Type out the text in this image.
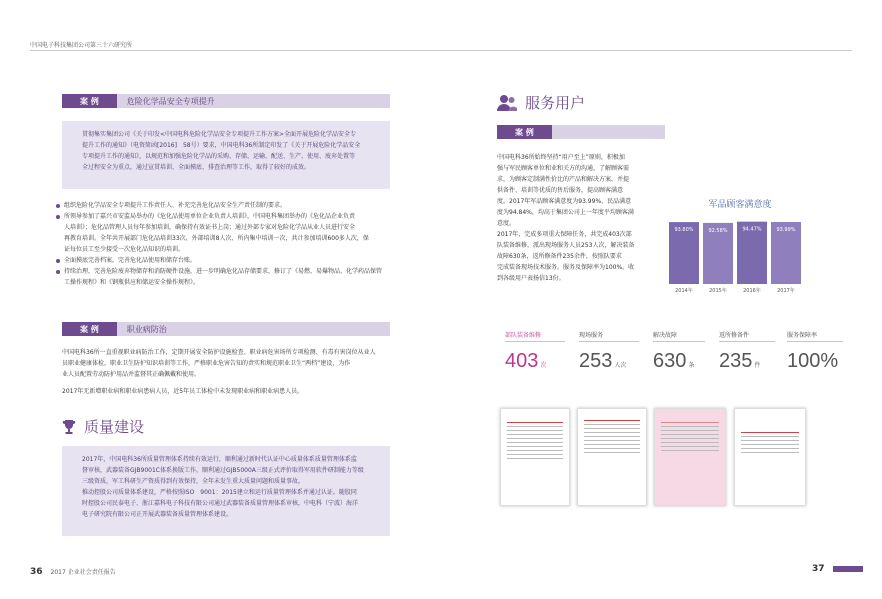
中国电子科技集团公司第三十六研究所
案 例	危险化学品安全专项提升
贯彻集实集团公司《关于印发<中国电科危险化学品安全专项提升工作方案>全面开展危险化学品安全专
提升工作的通知》（电资简函[2016]　58号）要求，中国电科36所制定印发了《关于开展危险化学品安全
专项提升工作的通知》，以规范和加强危险化学品的采购、存储、运输、配送、生产、使用、废弃处置等
全过程安全为重点，通过宣贯培训、全面摸底、排查治理等工作，取得了较好的成效。
组织危险化学品安全专项提升工作责任人、补充完善危化品安全生产责任制的要求。
所领导参加了嘉兴市安监局举办的《危化品使用单位企业负责人培训》，中国电科集团举办的《危化品企业负责
人培训》；危化品管理人员每年参加培训，确保持有效证书上岗；通过外部专家对危险化学品从业人员进行安全
再教育培训。全年共开展部门危化品培训33次、外部培训8人次、所内集中培训一次，共计参加培训600多人次，保
证每位员工至少接受一次危化品知识的培训。
全面摸底完善档案，完善危化品使用和储存台账。
持续治理，完善危险废弃物储存和消防硬件设施，进一步明确危化品存储要求，修订了《易燃、易爆物品、化学药品保管
工操作规程》和《钢瓶供应和储运安全操作规程》。
案 例	职业病防治
中国电科36所一直重视职业病防治工作，定期开展安全防护设施检查、职业病危害场所专项检测、有毒有害岗位从业人
员职业健康体检，职业卫生防护知识培训等工作，严格职业危害告知的责实和规范职业卫生“两档”建设，为作
业人员配置劳动防护用品并监督其正确佩戴和使用。
2017年无新增职业病和职业病患病人员，近5年员工体检中未发现职业病和职业病患人员。
质量建设
2017年，中国电科36所质量管理体系持续有效运行，顺利通过新时代认证中心质量体系质量管理体系监
督审核，武器装备GJB9001C体系换版工作，顺利通过GJB5000A三级正式评价取得军用软件研制能力等级
三级资质，军工科研生产资质得到有效保持，全年未发生重大质量问题和质量事故。
推动控股公司质量体系建设，严格按照ISO　9001：2015建立和运行质量管理体系并通过认证。随股同
时控股公司民泰电子、浙江嘉科电子科技有限公司通过武器装备质量管理体系审核，中电科（宁波）海洋
电子研究院有限公司正开展武器装备质量管理体系建设。
36 2017 企业社会责任报告
服务用户
案 例
中国电科36所始终坚持“用户至上”原则，积极加
强与军民顾客单位和业和关方的沟通，了解顾客需
求，为顾客定制满性价比的产品和解决方案，并提
供备件、培训等优质的售后服务，提高顾客满意
度。2017年军品顾客满意度为93.99%，民品满意
度为94.84%，均高于集团公司上一年度平均顾客满
意度。
2017年，完成多项重大保障任务，共完成403次部
队装备维修，派出现场服务人员253人次，解决装备
故障630条，返所修备件235余件，按照队要求
完成装备现场技术服务，服务及保障率为100%。收
到各级用户表扬信13份。
军品顾客满意度
93.80%
2014年
92.58%
2015年
94.47%
2016年
93.99%
2017年
部队装备维修
403 次
现场服务
253 人次
解决故障
630 条
返所修备件
235 件
服务保障率
100%
37
